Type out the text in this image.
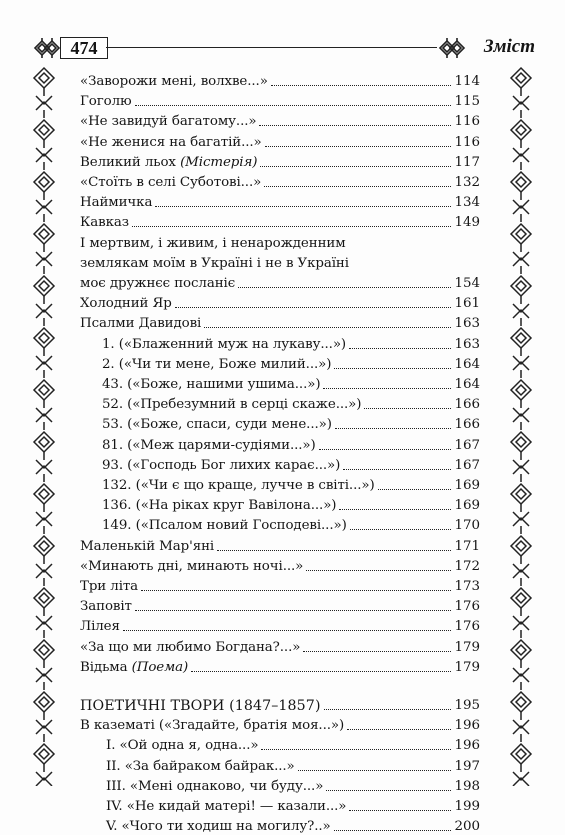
474	Зміст
«Заворожи мені, волхве...»	114
Гоголю	115
«Не завидуй багатому...»	116
«Не женися на багатій...»	116
Великий льох (Містерія)	117
«Стоїть в селі Суботові...»	132
Наймичка	134
Кавказ	149
І мертвим, і живим, і ненарожденним
землякам моїм в Україні і не в Україні
моє дружнєє посланіє	154
Холодний Яр	161
Псалми Давидові	163
1. («Блаженний муж на лукаву...»)	163
2. («Чи ти мене, Боже милий...»)	164
43. («Боже, нашими ушима...»)	164
52. («Пребезумний в серці скаже...»)	166
53. («Боже, спаси, суди мене...»)	166
81. («Меж царями-судіями...»)	167
93. («Господь Бог лихих карає...»)	167
132. («Чи є що краще, лучче в світі...»)	169
136. («На ріках круг Вавілона...»)	169
149. («Псалом новий Господеві...»)	170
Маленькій Мар'яні	171
«Минають дні, минають ночі...»	172
Три літа	173
Заповіт	176
Лілея	176
«За що ми любимо Богдана?...»	179
Відьма (Поема)	179
ПОЕТИЧНІ ТВОРИ (1847–1857)	195
В казематі («Згадайте, братія моя...»)	196
I. «Ой одна я, одна...»	196
II. «За байраком байрак...»	197
III. «Мені однаково, чи буду...»	198
IV. «Не кидай матері! — казали...»	199
V. «Чого ти ходиш на могилу?..»	200
